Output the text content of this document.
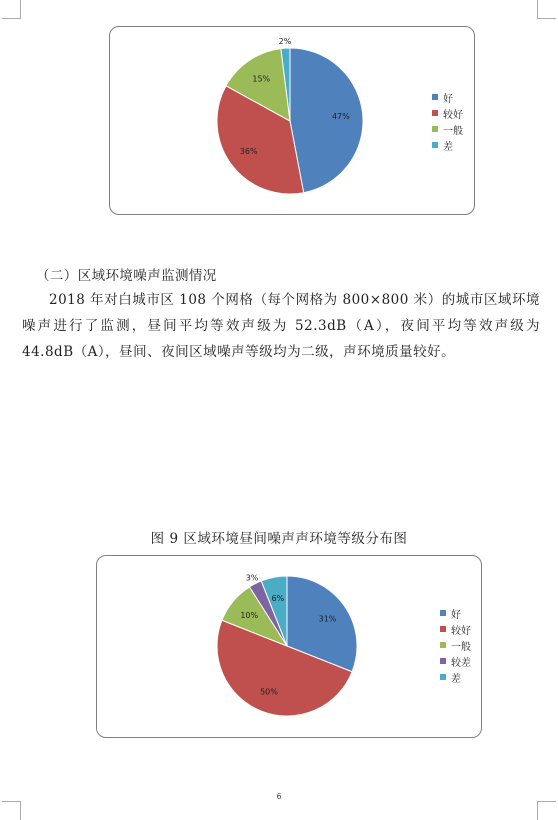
47%
36%
15%
2%
好
较好
一般
差
（二）区域环境噪声监测情况
2018 年对白城市区 108 个网格（每个网格为 800×800 米）的城市区域环境噪声进行了监测，昼间平均等效声级为 52.3dB（A），夜间平均等效声级为 44.8dB（A），昼间、夜间区域噪声等级均为二级，声环境质量较好。
图 9 区域环境昼间噪声声环境等级分布图
31%
50%
10%
3%
6%
好
较好
一般
较差
差
6
